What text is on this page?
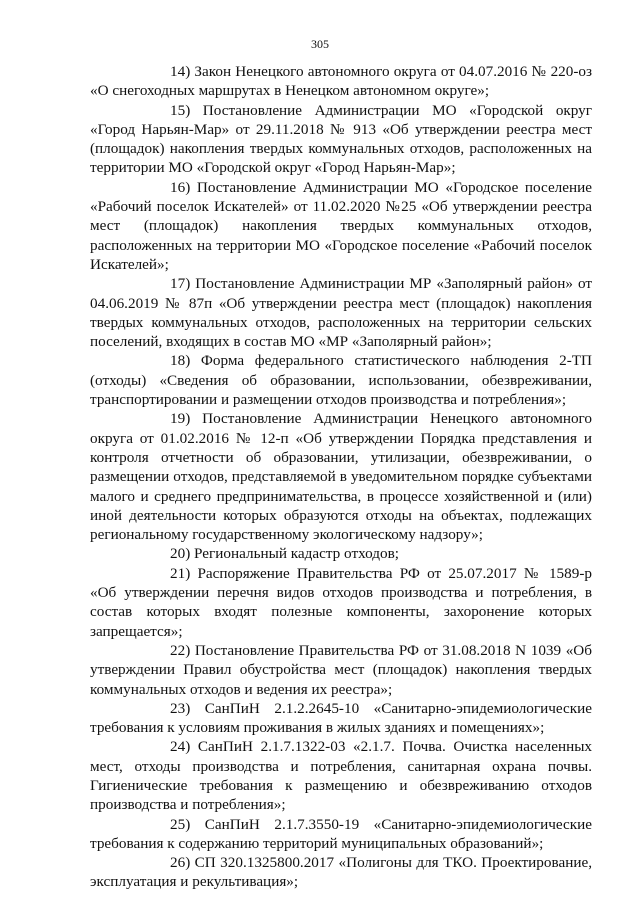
305

14) Закон Ненецкого автономного округа от 04.07.2016 № 220-оз «О снегоходных маршрутах в Ненецком автономном округе»;

15) Постановление Администрации МО «Городской округ «Город Нарьян-Мар» от 29.11.2018 № 913 «Об утверждении реестра мест (площадок) накопления твердых коммунальных отходов, расположенных на территории МО «Городской округ «Город Нарьян-Мар»;

16) Постановление Администрации МО «Городское поселение «Рабочий поселок Искателей» от 11.02.2020 №25 «Об утверждении реестра мест (площадок) накопления твердых коммунальных отходов, расположенных на территории МО «Городское поселение «Рабочий поселок Искателей»;

17) Постановление Администрации МР «Заполярный район» от 04.06.2019 № 87п «Об утверждении реестра мест (площадок) накопления твердых коммунальных отходов, расположенных на территории сельских поселений, входящих в состав МО «МР «Заполярный район»;

18) Форма федерального статистического наблюдения 2-ТП (отходы) «Сведения об образовании, использовании, обезвреживании, транспортировании и размещении отходов производства и потребления»;

19) Постановление Администрации Ненецкого автономного округа от 01.02.2016 № 12-п «Об утверждении Порядка представления и контроля отчетности об образовании, утилизации, обезвреживании, о размещении отходов, представляемой в уведомительном порядке субъектами малого и среднего предпринимательства, в процессе хозяйственной и (или) иной деятельности которых образуются отходы на объектах, подлежащих региональному государственному экологическому надзору»;

20) Региональный кадастр отходов;

21) Распоряжение Правительства РФ от 25.07.2017 № 1589-р «Об утверждении перечня видов отходов производства и потребления, в состав которых входят полезные компоненты, захоронение которых запрещается»;

22) Постановление Правительства РФ от 31.08.2018 N 1039 «Об утверждении Правил обустройства мест (площадок) накопления твердых коммунальных отходов и ведения их реестра»;

23) СанПиН 2.1.2.2645-10 «Санитарно-эпидемиологические требования к условиям проживания в жилых зданиях и помещениях»;

24) СанПиН 2.1.7.1322-03 «2.1.7. Почва. Очистка населенных мест, отходы производства и потребления, санитарная охрана почвы. Гигиенические требования к размещению и обезвреживанию отходов производства и потребления»;

25) СанПиН 2.1.7.3550-19 «Санитарно-эпидемиологические требования к содержанию территорий муниципальных образований»;

26) СП 320.1325800.2017 «Полигоны для ТКО. Проектирование, эксплуатация и рекультивация»;
